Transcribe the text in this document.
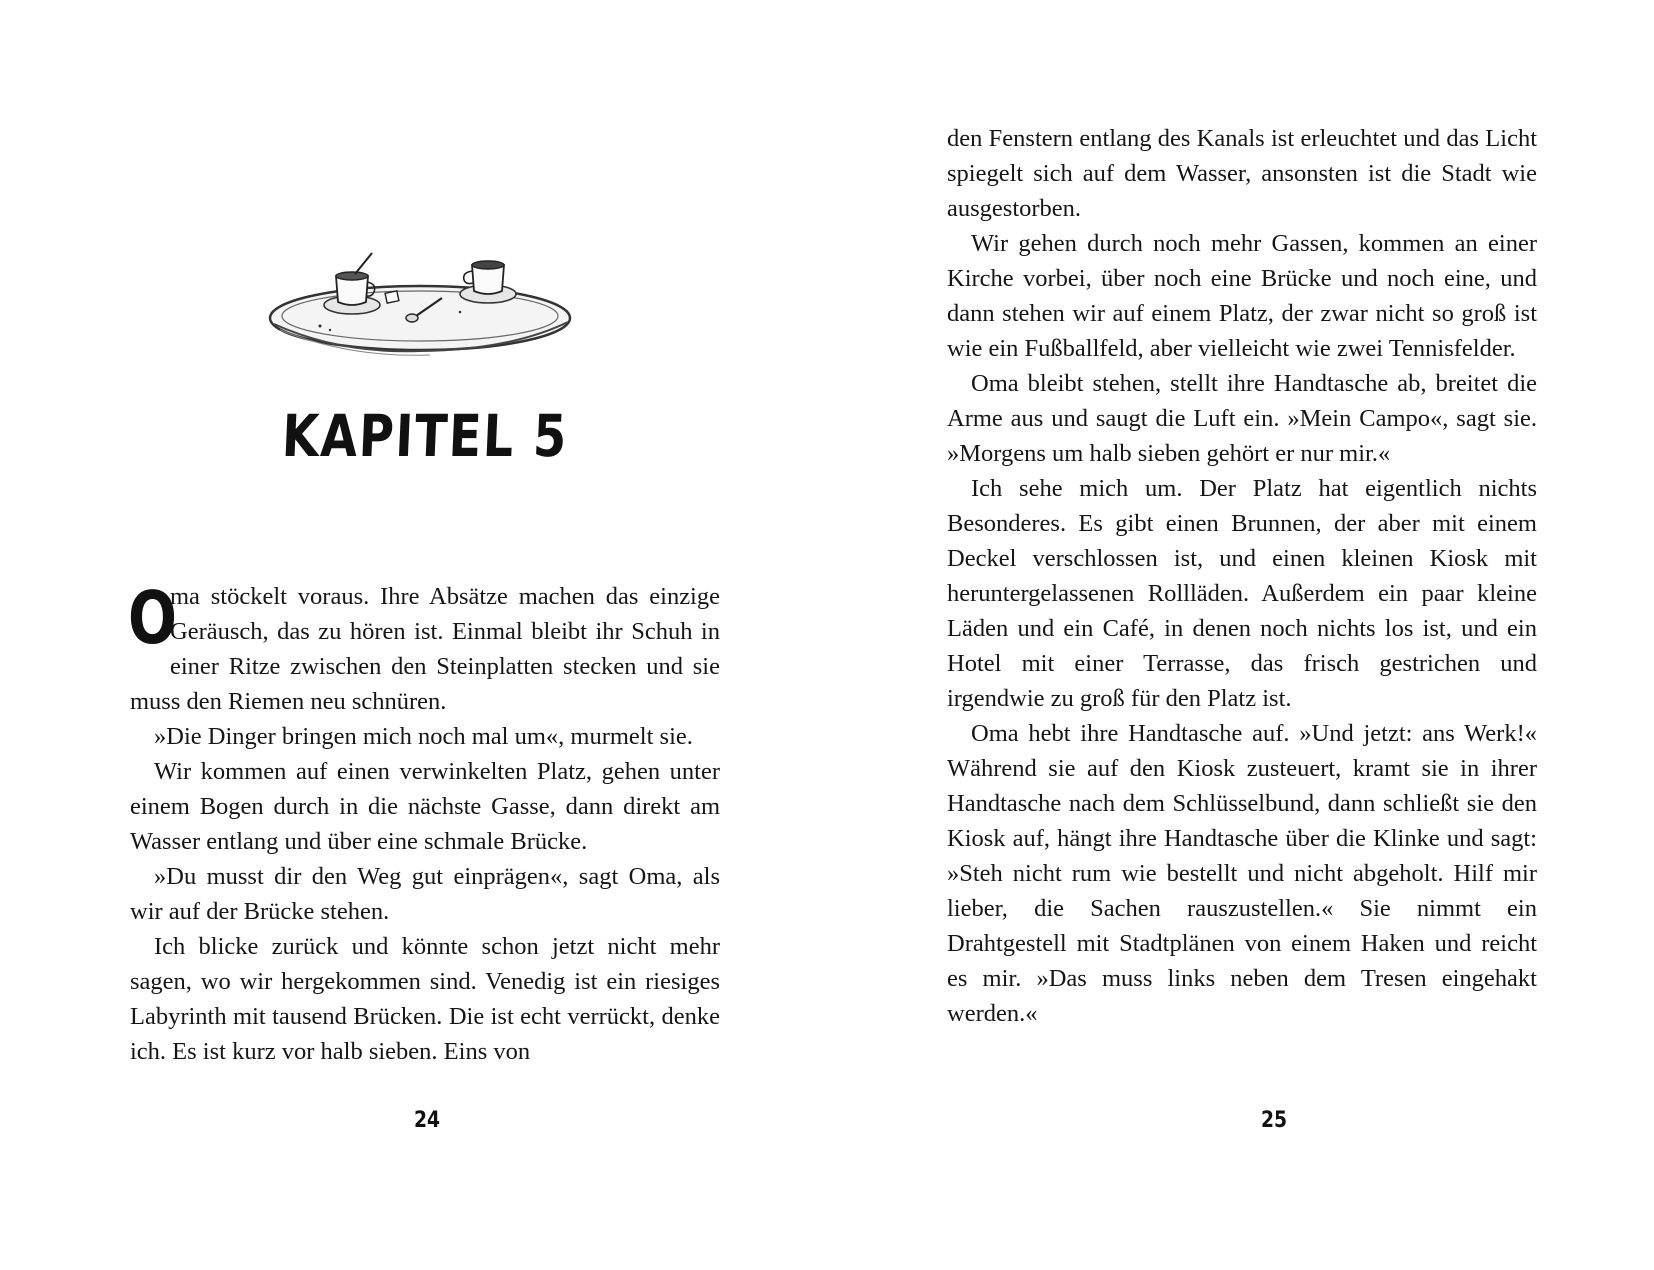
KAPITEL 5

O
ma stöckelt voraus. Ihre Absätze machen das einzige Geräusch, das zu hören ist. Einmal bleibt ihr Schuh in einer Ritze zwischen den Steinplatten stecken und sie muss den Riemen neu schnüren.

»Die Dinger bringen mich noch mal um«, murmelt sie.

Wir kommen auf einen verwinkelten Platz, gehen unter einem Bogen durch in die nächste Gasse, dann direkt am Wasser entlang und über eine schmale Brücke.

»Du musst dir den Weg gut einprägen«, sagt Oma, als wir auf der Brücke stehen.

Ich blicke zurück und könnte schon jetzt nicht mehr sagen, wo wir hergekommen sind. Venedig ist ein riesiges Labyrinth mit tausend Brücken. Die ist echt verrückt, denke ich. Es ist kurz vor halb sieben. Eins von

24

den Fenstern entlang des Kanals ist erleuchtet und das Licht spiegelt sich auf dem Wasser, ansonsten ist die Stadt wie ausgestorben.

Wir gehen durch noch mehr Gassen, kommen an einer Kirche vorbei, über noch eine Brücke und noch eine, und dann stehen wir auf einem Platz, der zwar nicht so groß ist wie ein Fußballfeld, aber vielleicht wie zwei Tennisfelder.

Oma bleibt stehen, stellt ihre Handtasche ab, breitet die Arme aus und saugt die Luft ein. »Mein Campo«, sagt sie. »Morgens um halb sieben gehört er nur mir.«

Ich sehe mich um. Der Platz hat eigentlich nichts Besonderes. Es gibt einen Brunnen, der aber mit einem Deckel verschlossen ist, und einen kleinen Kiosk mit heruntergelassenen Rollläden. Außerdem ein paar kleine Läden und ein Café, in denen noch nichts los ist, und ein Hotel mit einer Terrasse, das frisch gestrichen und irgendwie zu groß für den Platz ist.

Oma hebt ihre Handtasche auf. »Und jetzt: ans Werk!« Während sie auf den Kiosk zusteuert, kramt sie in ihrer Handtasche nach dem Schlüsselbund, dann schließt sie den Kiosk auf, hängt ihre Handtasche über die Klinke und sagt: »Steh nicht rum wie bestellt und nicht abgeholt. Hilf mir lieber, die Sachen rauszustellen.« Sie nimmt ein Drahtgestell mit Stadtplänen von einem Haken und reicht es mir. »Das muss links neben dem Tresen eingehakt werden.«

25
